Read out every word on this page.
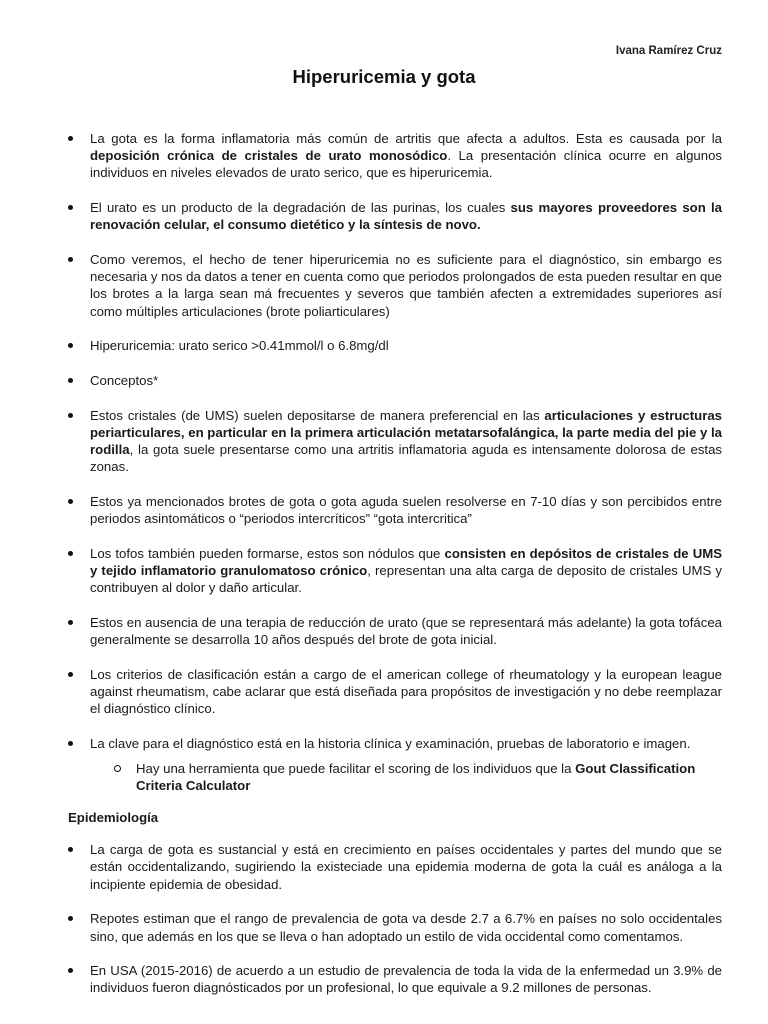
Ivana Ramírez Cruz
Hiperuricemia y gota
La gota es la forma inflamatoria más común de artritis que afecta a adultos. Esta es causada por la deposición crónica de cristales de urato monosódico. La presentación clínica ocurre en algunos individuos en niveles elevados de urato serico, que es hiperuricemia.
El urato es un producto de la degradación de las purinas, los cuales sus mayores proveedores son la renovación celular, el consumo dietético y la síntesis de novo.
Como veremos, el hecho de tener hiperuricemia no es suficiente para el diagnóstico, sin embargo es necesaria y nos da datos a tener en cuenta como que periodos prolongados de esta pueden resultar en que los brotes a la larga sean má frecuentes y severos que también afecten a extremidades superiores así como múltiples articulaciones (brote poliarticulares)
Hiperuricemia: urato serico >0.41mmol/l o 6.8mg/dl
Conceptos*
Estos cristales (de UMS) suelen depositarse de manera preferencial en las articulaciones y estructuras periarticulares, en particular en la primera articulación metatarsofalángica, la parte media del pie y la rodilla, la gota suele presentarse como una artritis inflamatoria aguda es intensamente dolorosa de estas zonas.
Estos ya mencionados brotes de gota o gota aguda suelen resolverse en 7-10 días y son percibidos entre periodos asintomáticos o “periodos intercríticos” “gota intercritica”
Los tofos también pueden formarse, estos son nódulos que consisten en depósitos de cristales de UMS y tejido inflamatorio granulomatoso crónico, representan una alta carga de deposito de cristales UMS y contribuyen al dolor y daño articular.
Estos en ausencia de una terapia de reducción de urato (que se representará más adelante) la gota tofácea generalmente se desarrolla 10 años después del brote de gota inicial.
Los criterios de clasificación están a cargo de el american college of rheumatology y la european league against rheumatism, cabe aclarar que está diseñada para propósitos de investigación y no debe reemplazar el diagnóstico clínico.
La clave para el diagnóstico está en la historia clínica y examinación, pruebas de laboratorio e imagen.
Hay una herramienta que puede facilitar el scoring de los individuos que la Gout Classification Criteria Calculator
Epidemiología
La carga de gota es sustancial y está en crecimiento en países occidentales y partes del mundo que se están occidentalizando, sugiriendo la existeciade una epidemia moderna de gota la cuál es análoga a la incipiente epidemia de obesidad.
Repotes estiman que el rango de prevalencia de gota va desde 2.7 a 6.7% en países no solo occidentales sino, que además en los que se lleva o han adoptado un estilo de vida occidental como comentamos.
En USA (2015-2016) de acuerdo a un estudio de prevalencia de toda la vida de la enfermedad un 3.9% de individuos fueron diagnósticados por un profesional, lo que equivale a 9.2 millones de personas.
